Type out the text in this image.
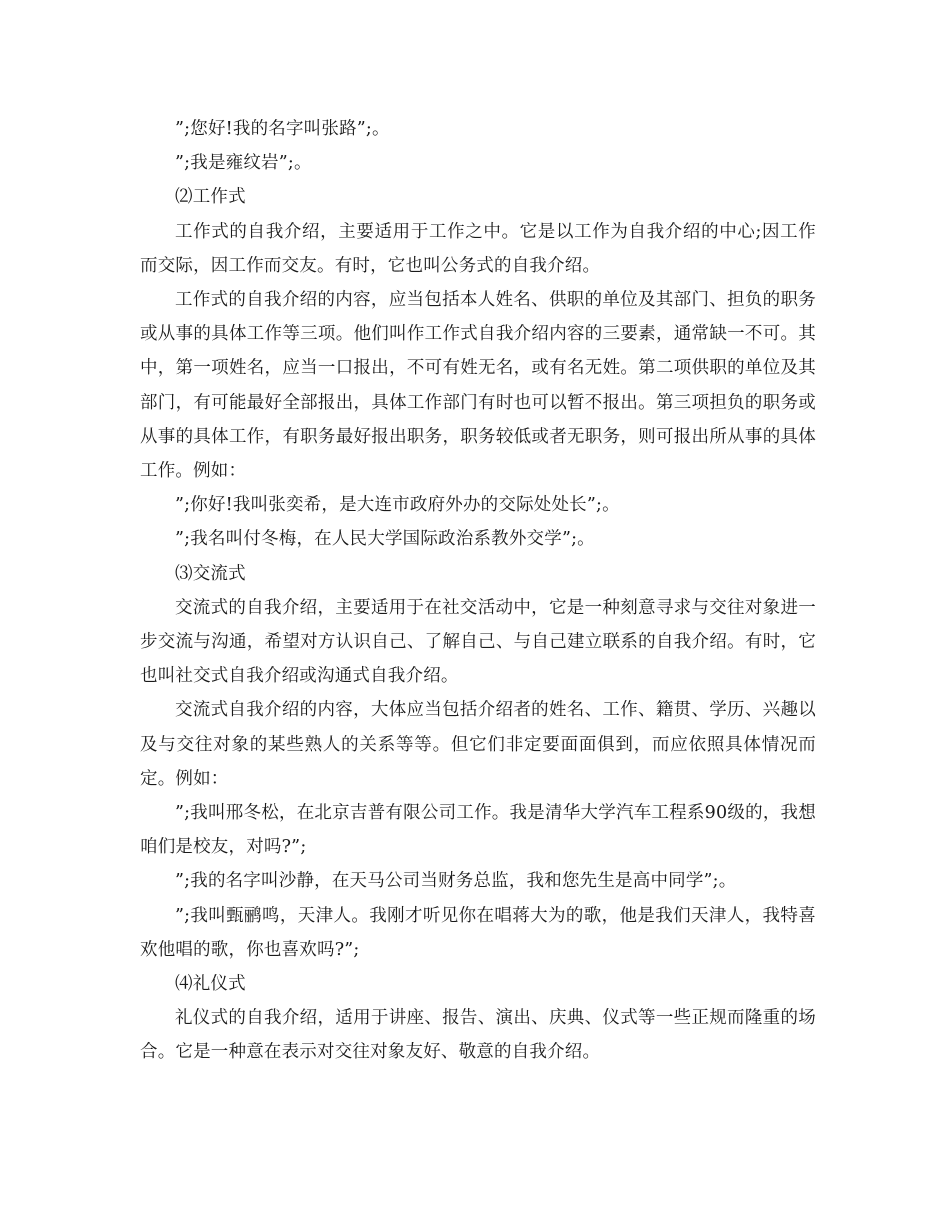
”;您好!我的名字叫张路”;。

”;我是雍纹岩”;。

⑵工作式

工作式的自我介绍，主要适用于工作之中。它是以工作为自我介绍的中心;因工作而交际，因工作而交友。有时，它也叫公务式的自我介绍。

工作式的自我介绍的内容，应当包括本人姓名、供职的单位及其部门、担负的职务或从事的具体工作等三项。他们叫作工作式自我介绍内容的三要素，通常缺一不可。其中，第一项姓名，应当一口报出，不可有姓无名，或有名无姓。第二项供职的单位及其部门，有可能最好全部报出，具体工作部门有时也可以暂不报出。第三项担负的职务或从事的具体工作，有职务最好报出职务，职务较低或者无职务，则可报出所从事的具体工作。例如：

”;你好!我叫张奕希，是大连市政府外办的交际处处长”;。

”;我名叫付冬梅，在人民大学国际政治系教外交学”;。

⑶交流式

交流式的自我介绍，主要适用于在社交活动中，它是一种刻意寻求与交往对象进一步交流与沟通，希望对方认识自己、了解自己、与自己建立联系的自我介绍。有时，它也叫社交式自我介绍或沟通式自我介绍。

交流式自我介绍的内容，大体应当包括介绍者的姓名、工作、籍贯、学历、兴趣以及与交往对象的某些熟人的关系等等。但它们非定要面面俱到，而应依照具体情况而定。例如：

”;我叫邢冬松，在北京吉普有限公司工作。我是清华大学汽车工程系90级的，我想咱们是校友，对吗?”;

”;我的名字叫沙静，在天马公司当财务总监，我和您先生是高中同学”;。

”;我叫甄鹂鸣，天津人。我刚才听见你在唱蒋大为的歌，他是我们天津人，我特喜欢他唱的歌，你也喜欢吗?”;

⑷礼仪式

礼仪式的自我介绍，适用于讲座、报告、演出、庆典、仪式等一些正规而隆重的场合。它是一种意在表示对交往对象友好、敬意的自我介绍。
